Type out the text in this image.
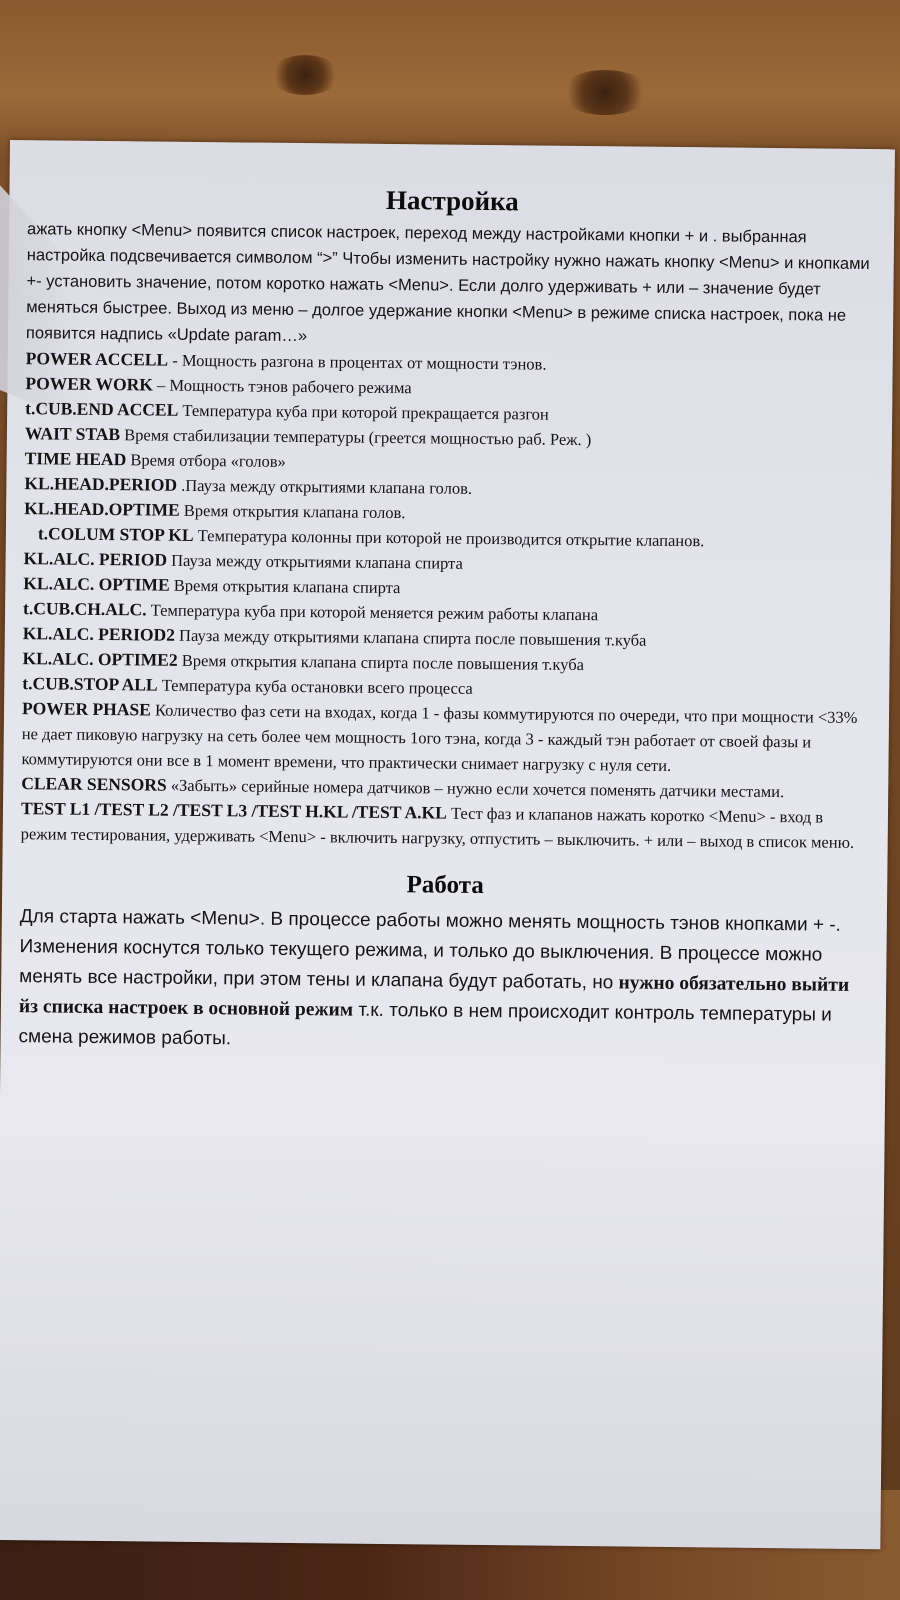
Настройка

ажать кнопку <Menu> появится список настроек, переход между настройками кнопки + и . выбранная настройка подсвечивается символом “>” Чтобы изменить настройку нужно нажать кнопку <Menu> и кнопками +- установить значение, потом коротко нажать <Menu>. Если долго удерживать + или – значение будет меняться быстрее. Выход из меню – долгое удержание кнопки <Menu> в режиме списка настроек, пока не появится надпись «Update param…»

POWER ACCELL - Мощность разгона в процентах от мощности тэнов.

POWER WORK – Мощность тэнов рабочего режима

t.CUB.END ACCEL Температура куба при которой прекращается разгон

WAIT STAB Время стабилизации температуры (греется мощностью раб. Реж. )

TIME HEAD Время отбора «голов»

KL.HEAD.PERIOD .Пауза между открытиями клапана голов.

KL.HEAD.OPTIME Время открытия клапана голов.

t.COLUM STOP KL Температура колонны при которой не производится открытие клапанов.

KL.ALC. PERIOD Пауза между открытиями клапана спирта

KL.ALC. OPTIME Время открытия клапана спирта

t.CUB.CH.ALC. Температура куба при которой меняется режим работы клапана

KL.ALC. PERIOD2 Пауза между открытиями клапана спирта после повышения т.куба

KL.ALC. OPTIME2 Время открытия клапана спирта после повышения т.куба

t.CUB.STOP ALL Температура куба остановки всего процесса

POWER PHASE Количество фаз сети на входах, когда 1 - фазы коммутируются по очереди, что при мощности <33% не дает пиковую нагрузку на сеть более чем мощность 1ого тэна, когда 3 - каждый тэн работает от своей фазы и коммутируются они все в 1 момент времени, что практически снимает нагрузку с нуля сети.

CLEAR SENSORS «Забыть» серийные номера датчиков – нужно если хочется поменять датчики местами.

TEST L1 /TEST L2 /TEST L3 /TEST H.KL /TEST A.KL Тест фаз и клапанов нажать коротко <Menu> - вход в режим тестирования, удерживать <Menu> - включить нагрузку, отпустить – выключить. + или – выход в список меню.

Работа

Для старта нажать <Menu>. В процессе работы можно менять мощность тэнов кнопками + -. Изменения коснутся только текущего режима, и только до выключения. В процессе можно менять все настройки, при этом тены и клапана будут работать, но нужно обязательно выйти йз списка настроек в основной режим т.к. только в нем происходит контроль температуры и смена режимов работы.
